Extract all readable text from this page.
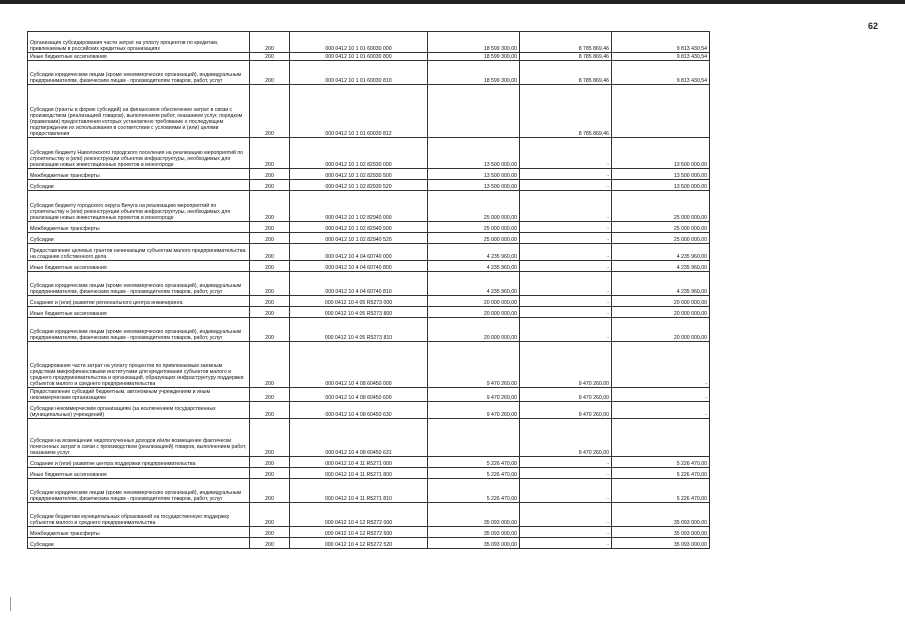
62
Организация субсидирования части затрат на уплату процентов по кредитам, привлекаемым в российских кредитных организациях	200	000 0412 10 1 01 60030 000	18 599 300,00	8 785 869,46	9 813 430,54
Иные бюджетные ассигнования	200	000 0412 10 1 01 60030 800	18 599 300,00	8 785 869,46	9 813 430,54
Субсидии юридическим лицам (кроме некоммерческих организаций), индивидуальным предпринимателям, физическим лицам - производителям товаров, работ, услуг	200	000 0412 10 1 01 60030 810	18 599 300,00	8 785 869,46	9 813 430,54
Субсидии (гранты в форме субсидий) на финансовое обеспечение затрат в связи с производством (реализацией товаров), выполнением работ, оказанием услуг, порядком (правилами) предоставления которых установлено требование о последующем подтверждении их использования в соответствии с условиями и (или) целями предоставления	200	000 0412 10 1 01 60030 812		8 785 869,46	
Субсидия бюджету Наволокского городского поселения на реализацию мероприятий по строительству и (или) реконструкции объектов инфраструктуры, необходимых для реализации новых инвестиционных проектов в моногороде	200	000 0412 10 1 02 82930 000	13 500 000,00	-	13 500 000,00
Межбюджетные трансферты	200	000 0412 10 1 02 82930 500	13 500 000,00	-	13 500 000,00
Субсидии	200	000 0412 10 1 02 82930 520	13 500 000,00	-	13 500 000,00
Субсидия бюджету городского округа Вичуга на реализацию мероприятий по строительству и (или) реконструкции объектов инфраструктуры, необходимых для реализации новых инвестиционных проектов в моногороде	200	000 0412 10 1 02 82940 000	25 000 000,00	-	25 000 000,00
Межбюджетные трансферты	200	000 0412 10 1 02 82940 500	25 000 000,00	-	25 000 000,00
Субсидии	200	000 0412 10 1 02 82940 520	25 000 000,00	-	25 000 000,00
Предоставление целевых грантов начинающим субъектам малого предпринимательства на создание собственного дела	200	000 0412 10 4 04 60740 000	4 235 960,00	-	4 235 960,00
Иные бюджетные ассигнования	200	000 0412 10 4 04 60740 800	4 235 960,00	-	4 235 960,00
Субсидии юридическим лицам (кроме некоммерческих организаций), индивидуальным предпринимателям, физическим лицам - производителям товаров, работ, услуг	200	000 0412 10 4 04 60740 810	4 235 960,00	-	4 235 960,00
Создание и (или) развитие регионального центра инжиниринга	200	000 0412 10 4 05 R5273 000	20 000 000,00	-	20 000 000,00
Иные бюджетные ассигнования	200	000 0412 10 4 05 R5273 800	20 000 000,00	-	20 000 000,00
Субсидии юридическим лицам (кроме некоммерческих организаций), индивидуальным предпринимателям, физическим лицам - производителям товаров, работ, услуг	200	000 0412 10 4 05 R5273 810	20 000 000,00	-	20 000 000,00
Субсидирование части затрат на уплату процентов по привлекаемым заемным средствам микрофинансовыми институтами для кредитования субъектов малого и среднего предпринимательства и организаций, образующих инфраструктуру поддержки субъектов малого и среднего предпринимательства	200	000 0412 10 4 08 60450 000	9 470 260,00	9 470 260,00	-
Предоставление субсидий бюджетным, автономным учреждениям и иным некоммерческим организациям	200	000 0412 10 4 08 60450 600	9 470 260,00	9 470 260,00	-
Субсидии некоммерческим организациям (за исключением государственных (муниципальных) учреждений)	200	000 0412 10 4 08 60450 630	9 470 260,00	9 470 260,00	-
Субсидии на возмещение недополученных доходов и/или возмещение фактически понесенных затрат в связи с производством (реализацией) товаров, выполнением работ, оказанием услуг	200	000 0412 10 4 08 60450 631		9 470 260,00	
Создание и (или) развитие центра поддержки предпринимательства	200	000 0412 10 4 11 R5271 000	5 226 470,00	-	5 226 470,00
Иные бюджетные ассигнования	200	000 0412 10 4 11 R5271 800	5 226 470,00	-	5 226 470,00
Субсидии юридическим лицам (кроме некоммерческих организаций), индивидуальным предпринимателям, физическим лицам - производителям товаров, работ, услуг	200	000 0412 10 4 11 R5271 810	5 226 470,00	-	5 226 470,00
Субсидии бюджетам муниципальных образований на государственную поддержку субъектов малого и среднего предпринимательства	200	000 0412 10 4 12 R5272 000	35 093 000,00	-	35 093 000,00
Межбюджетные трансферты	200	000 0412 10 4 12 R5272 500	35 093 000,00	-	35 093 000,00
Субсидии	200	000 0412 10 4 12 R5272 520	35 093 000,00	-	35 093 000,00
